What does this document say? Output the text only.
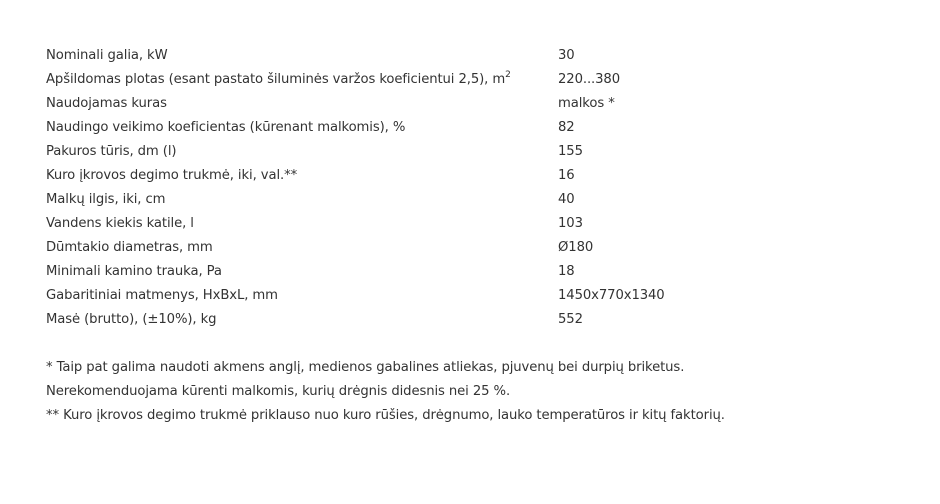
Nominali galia, kW	30
Apšildomas plotas (esant pastato šiluminės varžos koeficientui 2,5), $m^2$	220...380
Naudojamas kuras	malkos *
Naudingo veikimo koeficientas (kūrenant malkomis), %	82
Pakuros tūris, dm (l)	155
Kuro įkrovos degimo trukmė, iki, val.**	16
Malkų ilgis, iki, cm	40
Vandens kiekis katile, l	103
Dūmtakio diametras, mm	Ø180
Minimali kamino trauka, Pa	18
Gabaritiniai matmenys, HxBxL, mm	1450x770x1340
Masė (brutto), (±10%), kg	552

* Taip pat galima naudoti akmens anglį, medienos gabalines atliekas, pjuvenų bei durpių briketus.

Nerekomenduojama kūrenti malkomis, kurių drėgnis didesnis nei 25 %.

** Kuro įkrovos degimo trukmė priklauso nuo kuro rūšies, drėgnumo, lauko temperatūros ir kitų faktorių.
